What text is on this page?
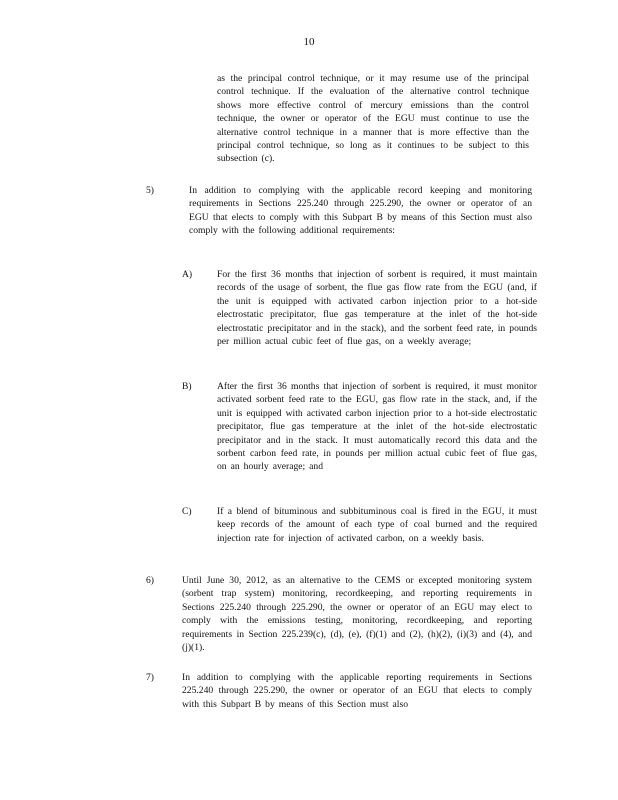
10
as the principal control technique, or it may resume use of the principal control technique. If the evaluation of the alternative control technique shows more effective control of mercury emissions than the control technique, the owner or operator of the EGU must continue to use the alternative control technique in a manner that is more effective than the principal control technique, so long as it continues to be subject to this subsection (c).
5)	In addition to complying with the applicable record keeping and monitoring requirements in Sections 225.240 through 225.290, the owner or operator of an EGU that elects to comply with this Subpart B by means of this Section must also comply with the following additional requirements:
A)	For the first 36 months that injection of sorbent is required, it must maintain records of the usage of sorbent, the flue gas flow rate from the EGU (and, if the unit is equipped with activated carbon injection prior to a hot-side electrostatic precipitator, flue gas temperature at the inlet of the hot-side electrostatic precipitator and in the stack), and the sorbent feed rate, in pounds per million actual cubic feet of flue gas, on a weekly average;
B)	After the first 36 months that injection of sorbent is required, it must monitor activated sorbent feed rate to the EGU, gas flow rate in the stack, and, if the unit is equipped with activated carbon injection prior to a hot-side electrostatic precipitator, flue gas temperature at the inlet of the hot-side electrostatic precipitator and in the stack. It must automatically record this data and the sorbent carbon feed rate, in pounds per million actual cubic feet of flue gas, on an hourly average; and
C)	If a blend of bituminous and subbituminous coal is fired in the EGU, it must keep records of the amount of each type of coal burned and the required injection rate for injection of activated carbon, on a weekly basis.
6)	Until June 30, 2012, as an alternative to the CEMS or excepted monitoring system (sorbent trap system) monitoring, recordkeeping, and reporting requirements in Sections 225.240 through 225.290, the owner or operator of an EGU may elect to comply with the emissions testing, monitoring, recordkeeping, and reporting requirements in Section 225.239(c), (d), (e), (f)(1) and (2), (h)(2), (i)(3) and (4), and (j)(1).
7)	In addition to complying with the applicable reporting requirements in Sections 225.240 through 225.290, the owner or operator of an EGU that elects to comply with this Subpart B by means of this Section must also
